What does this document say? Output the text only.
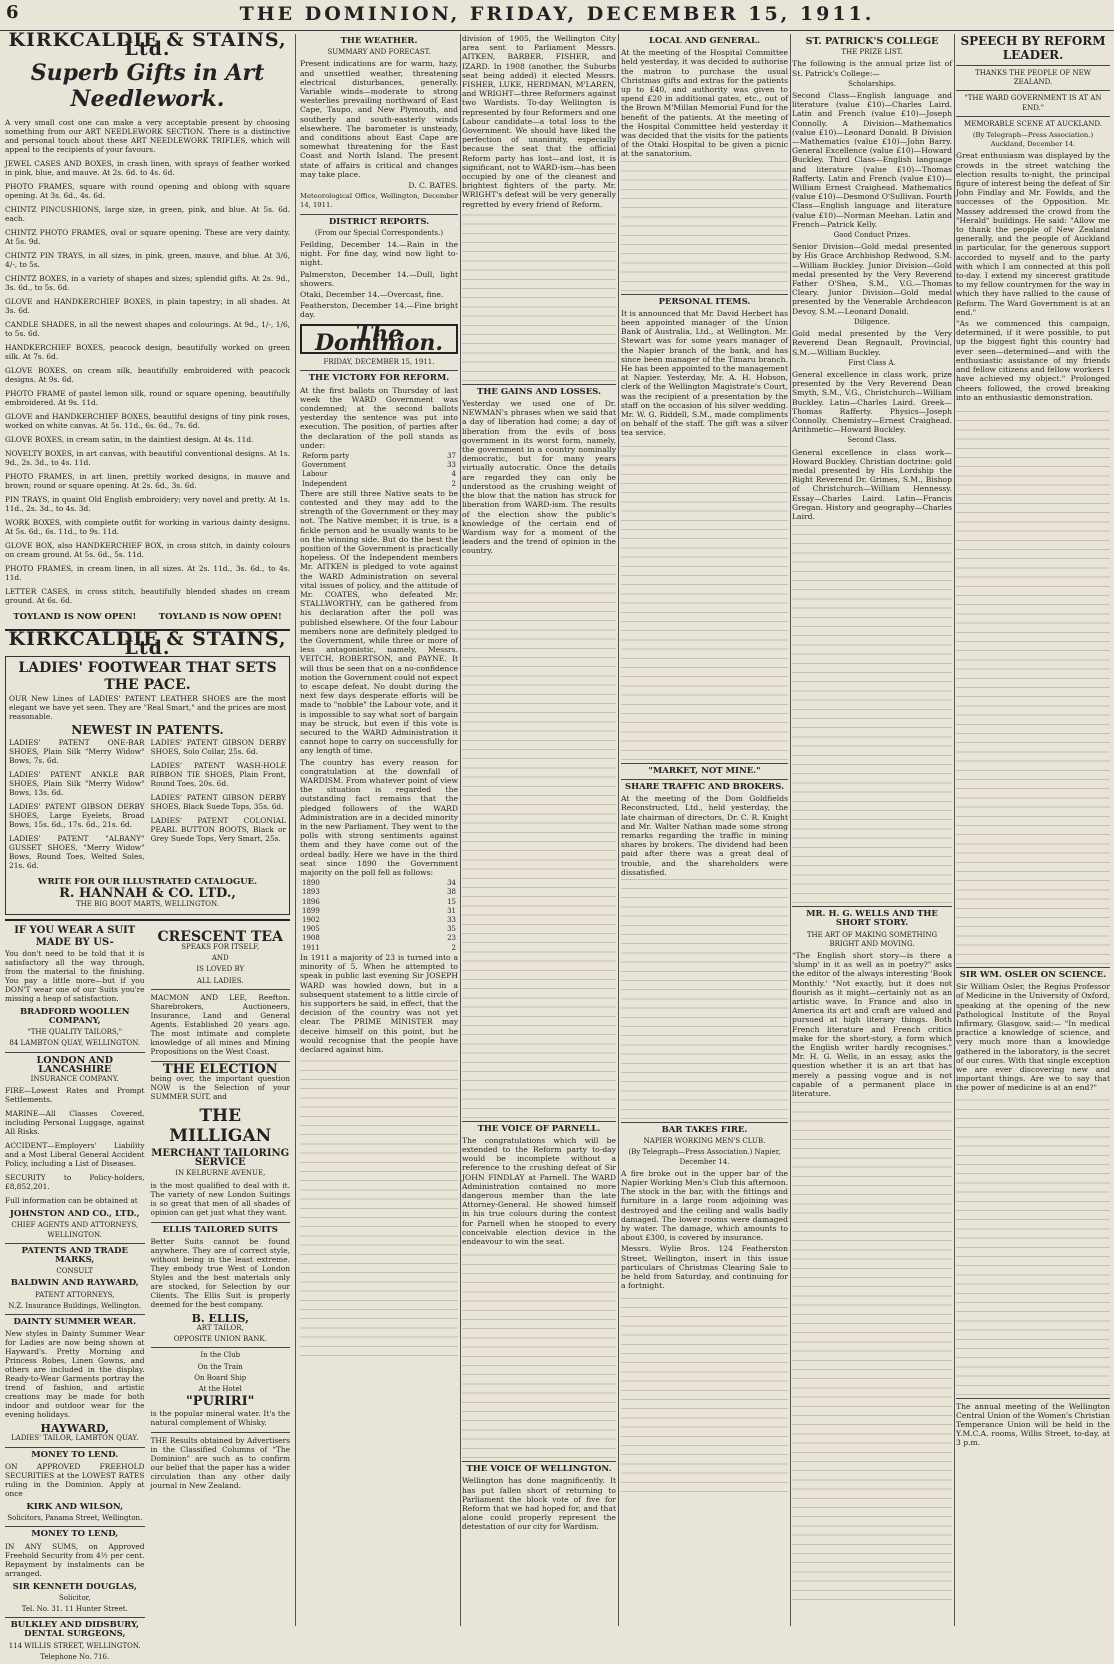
6	THE DOMINION, FRIDAY, DECEMBER 15, 1911.
KIRKCALDIE & STAINS, Ltd.
Superb Gifts in Art Needlework.

A very small cost one can make a very acceptable present by choosing something from our ART NEEDLEWORK SECTION. There is a distinctive and personal touch about these ART NEEDLEWORK TRIFLES, which will appeal to the recipients of your favours.

JEWEL CASES AND BOXES, in crash linen, with sprays of feather worked in pink, blue, and mauve. At 2s. 6d. to 4s. 6d.

PHOTO FRAMES, square with round opening and oblong with square opening. At 3s. 6d., 4s. 6d.

CHINTZ PINCUSHIONS, large size, in green, pink, and blue. At 5s. 6d. each.

CHINTZ PHOTO FRAMES, oval or square opening. These are very dainty. At 5s. 9d.

CHINTZ PIN TRAYS, in all sizes, in pink, green, mauve, and blue. At 3/6, 4/-, to 5s.

CHINTZ BOXES, in a variety of shapes and sizes; splendid gifts. At 2s. 9d., 3s. 6d., to 5s. 6d.

GLOVE and HANDKERCHIEF BOXES, in plain tapestry; in all shades. At 3s. 6d.

CANDLE SHADES, in all the newest shapes and colourings. At 9d., 1/-, 1/6, to 5s. 6d.

HANDKERCHIEF BOXES, peacock design, beautifully worked on green silk. At 7s. 6d.

GLOVE BOXES, on cream silk, beautifully embroidered with peacock designs. At 9s. 6d.

PHOTO FRAME of pastel lemon silk, round or square opening, beautifully embroidered. At 9s. 11d.

GLOVE and HANDKERCHIEF BOXES, beautiful designs of tiny pink roses, worked on white canvas. At 5s. 11d., 6s. 6d., 7s. 6d.

GLOVE BOXES, in cream satin, in the daintiest design. At 4s. 11d.

NOVELTY BOXES, in art canvas, with beautiful conventional designs. At 1s. 9d., 2s. 3d., to 4s. 11d.

PHOTO FRAMES, in art linen, prettily worked designs, in mauve and brown; round or square opening. At 2s. 6d., 3s. 6d.

PIN TRAYS, in quaint Old English embroidery; very novel and pretty. At 1s. 11d., 2s. 3d., to 4s. 3d.

WORK BOXES, with complete outfit for working in various dainty designs. At 5s. 6d., 6s. 11d., to 9s. 11d.

GLOVE BOX, also HANDKERCHIEF BOX, in cross stitch, in dainty colours on cream ground. At 5s. 6d., 5s. 11d.

PHOTO FRAMES, in cream linen, in all sizes. At 2s. 11d., 3s. 6d., to 4s. 11d.

LETTER CASES, in cross stitch, beautifully blended shades on cream ground. At 6s. 6d.

TOYLAND IS NOW OPEN!	TOYLAND IS NOW OPEN!
KIRKCALDIE & STAINS, Ltd.
LADIES' FOOTWEAR THAT SETS THE PACE.

OUR New Lines of LADIES' PATENT LEATHER SHOES are the most elegant we have yet seen. They are "Real Smart," and the prices are most reasonable.

NEWEST IN PATENTS.

LADIES' PATENT ONE-BAR SHOES, Plain Silk "Merry Widow" Bows, 7s. 6d.

LADIES' PATENT ANKLE BAR SHOES, Plain Silk "Merry Widow" Bows, 13s. 6d.

LADIES' PATENT GIBSON DERBY SHOES, Large Eyelets, Broad Bows, 15s. 6d., 17s. 6d., 21s. 6d.

LADIES' PATENT "ALBANY" GUSSET SHOES, "Merry Widow" Bows, Round Toes, Welted Soles, 21s. 6d.

LADIES' PATENT GIBSON DERBY SHOES, Solo Collar, 25s. 6d.

LADIES' PATENT WASH-HOLE RIBBON TIE SHOES, Plain Front, Round Toes, 20s. 6d.

LADIES' PATENT GIBSON DERBY SHOES, Black Suede Tops, 35s. 6d.

LADIES' PATENT COLONIAL PEARL BUTTON BOOTS, Black or Grey Suede Tops, Very Smart, 25s.

WRITE FOR OUR ILLUSTRATED CATALOGUE.
R. HANNAH & CO. LTD.,
THE BIG BOOT MARTS, WELLINGTON.
IF YOU WEAR A SUIT MADE BY US-

You don't need to be told that it is satisfactory all the way through, from the material to the finishing. You pay a little more—but if you DON'T wear one of our Suits you're missing a heap of satisfaction.

BRADFORD WOOLLEN COMPANY,
"THE QUALITY TAILORS,"
84 LAMBTON QUAY, WELLINGTON.
LONDON AND LANCASHIRE
INSURANCE COMPANY.

FIRE—Lowest Rates and Prompt Settlements.

MARINE—All Classes Covered, including Personal Luggage, against All Risks.

ACCIDENT—Employers' Liability and a Most Liberal General Accident Policy, including a List of Diseases.

SECURITY to Policy-holders, £8,852,201.

Full information can be obtained at

JOHNSTON AND CO., LTD.,
CHIEF AGENTS AND ATTORNEYS, WELLINGTON.
PATENTS AND TRADE MARKS,
CONSULT
BALDWIN AND RAYWARD,
PATENT ATTORNEYS,
N.Z. Insurance Buildings, Wellington.
DAINTY SUMMER WEAR.

New styles in Dainty Summer Wear for Ladies are now being shown at Hayward's. Pretty Morning and Princess Robes, Linen Gowns, and others are included in the display. Ready-to-Wear Garments portray the trend of fashion, and artistic creations may be made for both indoor and outdoor wear for the evening holidays.

HAYWARD,
LADIES' TAILOR, LAMBTON QUAY.
MONEY TO LEND.

ON APPROVED FREEHOLD SECURITIES at the LOWEST RATES ruling in the Dominion. Apply at once

KIRK AND WILSON,
Solicitors, Panama Street, Wellington.
MONEY TO LEND,

IN ANY SUMS, on Approved Freehold Security from 4½ per cent. Repayment by instalments can be arranged.

SIR KENNETH DOUGLAS,
Solicitor,
Tel. No. 31. 11 Hunter Street.
BULKLEY AND DIDSBURY, DENTAL SURGEONS,
114 WILLIS STREET, WELLINGTON.
Telephone No. 716.
CRESCENT TEA

SPEAKS FOR ITSELF,

AND

IS LOVED BY

ALL LADIES.

MACMON AND LEE, Reefton. Sharebrokers, Auctioneers, Insurance, Land and General Agents. Established 20 years ago. The most intimate and complete knowledge of all mines and Mining Propositions on the West Coast.

THE ELECTION

being over, the important question NOW is the Selection of your SUMMER SUIT, and

THE MILLIGAN
MERCHANT TAILORING SERVICE
IN KELBURNE AVENUE,

is the most qualified to deal with it. The variety of new London Suitings is so great that men of all shades of opinion can get just what they want.

ELLIS TAILORED SUITS

Better Suits cannot be found anywhere. They are of correct style, without being in the least extreme. They embody true West of London Styles and the best materials only are stocked, for Selection by our Clients. The Ellis Suit is properly deemed for the best company.

B. ELLIS,
ART TAILOR,
OPPOSITE UNION BANK.

In the Club

On the Train

On Board Ship

At the Hotel

"PURIRI"

is the popular mineral water. It's the natural complement of Whisky.

THE Results obtained by Advertisers in the Classified Columns of "The Dominion" are such as to confirm our belief that the paper has a wider circulation than any other daily journal in New Zealand.

THE WEATHER.
SUMMARY AND FORECAST.

Present indications are for warm, hazy, and unsettled weather, threatening electrical disturbances, generally. Variable winds—moderate to strong westerlies prevailing northward of East Cape, Taupo, and New Plymouth, and southerly and south-easterly winds elsewhere. The barometer is unsteady, and conditions about East Cape are somewhat threatening for the East Coast and North Island. The present state of affairs is critical and changes may take place.

D. C. BATES.

Meteorological Office, Wellington, December 14, 1911.

DISTRICT REPORTS.
(From our Special Correspondents.)

Feilding, December 14.—Rain in the night. For fine day, wind now light to-night.

Palmerston, December 14.—Dull, light showers.

Otaki, December 14.—Overcast, fine.

Featherston, December 14.—Fine bright day.

The Dominion.
FRIDAY, DECEMBER 15, 1911.
THE VICTORY FOR REFORM.

At the first ballots on Thursday of last week the WARD Government was condemned; at the second ballots yesterday the sentence was put into execution. The position, of parties after the declaration of the poll stands as under:

Reform party	37
Government	33
Labour	4
Independent	2

There are still three Native seats to be contested and they may add to the strength of the Government or they may not. The Native member, it is true, is a fickle person and he usually wants to be on the winning side. But do the best the position of the Government is practically hopeless. Of the Independent members Mr. AITKEN is pledged to vote against the WARD Administration on several vital issues of policy, and the attitude of Mr. COATES, who defeated Mr. STALLWORTHY, can be gathered from his declaration after the poll was published elsewhere. Of the four Labour members none are definitely pledged to the Government, while three or more of less antagonistic, namely, Messrs. VEITCH, ROBERTSON, and PAYNE. It will thus be seen that on a no-confidence motion the Government could not expect to escape defeat. No doubt during the next few days desperate efforts will be made to "nobble" the Labour vote, and it is impossible to say what sort of bargain may be struck, but even if this vote is secured to the WARD Administration it cannot hope to carry on successfully for any length of time.

The country has every reason for congratulation at the downfall of WARDISM. From whatever point of view the situation is regarded the outstanding fact remains that the pledged followers of the WARD Administration are in a decided minority in the new Parliament. They went to the polls with strong sentiments against them and they have come out of the ordeal badly. Here we have in the third seat since 1890 the Government majority on the poll fell as follows:

1890	34
1893	38
1896	15
1899	31
1902	33
1905	35
1908	23
1911	2

In 1911 a majority of 23 is turned into a minority of 5. When he attempted to speak in public last evening Sir JOSEPH WARD was howled down, but in a subsequent statement to a little circle of his supporters he said, in effect, that the decision of the country was not yet clear. The PRIME MINISTER may deceive himself on this point, but he would recognise that the people have declared against him.

division of 1905, the Wellington City area sent to Parliament Messrs. AITKEN, BARBER, FISHER, and IZARD. In 1908 (another, the Suburbs seat being added) it elected Messrs. FISHER, LUKE, HERDMAN, M'LAREN, and WRIGHT—three Reformers against two Wardists. To-day Wellington is represented by four Reformers and one Labour candidate—a total loss to the Government. We should have liked the perfection of unanimity, especially because the seat that the official Reform party has lost—and lost, it is significant, not to WARD-ism—has been occupied by one of the cleanest and brightest fighters of the party. Mr. WRIGHT's defeat will be very generally regretted by every friend of Reform.

THE GAINS AND LOSSES.

Yesterday we used one of Dr. NEWMAN's phrases when we said that a day of liberation had come; a day of liberation from the evils of boss government in its worst form, namely, the government in a country nominally democratic, but for many years virtually autocratic. Once the details are regarded they can only be understood as the crushing weight of the blow that the nation has struck for liberation from WARD-ism. The results of the election show the public's knowledge of the certain end of Wardism way for a moment of the leaders and the trend of opinion in the country.

THE VOICE OF PARNELL.

The congratulations which will be extended to the Reform party to-day would be incomplete without a reference to the crushing defeat of Sir JOHN FINDLAY at Parnell. The WARD Administration contained no more dangerous member than the late Attorney-General. He showed himself in his true colours during the contest for Parnell when he stooped to every conceivable election device in the endeavour to win the seat.

THE VOICE OF WELLINGTON.

Wellington has done magnificently. It has put fallen short of returning to Parliament the block vote of five for Reform that we had hoped for, and that alone could properly represent the detestation of our city for Wardism.

LOCAL AND GENERAL.

At the meeting of the Hospital Committee held yesterday, it was decided to authorise the matron to purchase the usual Christmas gifts and extras for the patients up to £40, and authority was given to spend £20 in additional gates, etc., out of the Brown M'Millan Memorial Fund for the benefit of the patients. At the meeting of the Hospital Committee held yesterday it was decided that the visits for the patients of the Otaki Hospital to be given a picnic at the sanatorium.

PERSONAL ITEMS.

It is announced that Mr. David Herbert has been appointed manager of the Union Bank of Australia, Ltd., at Wellington. Mr. Stewart was for some years manager of the Napier branch of the bank, and has since been manager of the Timaru branch. He has been appointed to the management at Napier. Yesterday, Mr. A. H. Hobson, clerk of the Wellington Magistrate's Court, was the recipient of a presentation by the staff on the occasion of his silver wedding. Mr. W. G. Riddell, S.M., made compliments on behalf of the staff. The gift was a silver tea service.

"MARKET, NOT MINE."
SHARE TRAFFIC AND BROKERS.

At the meeting of the Dom Goldfields Reconstructed, Ltd., held yesterday, the late chairman of directors, Dr. C. R. Knight and Mr. Walter Nathan made some strong remarks regarding the traffic in mining shares by brokers. The dividend had been paid after there was a great deal of trouble, and the shareholders were dissatisfied.

BAR TAKES FIRE.
NAPIER WORKING MEN'S CLUB.
(By Telegraph—Press Association.) Napier, December 14.

A fire broke out in the upper bar of the Napier Working Men's Club this afternoon. The stock in the bar, with the fittings and furniture in a large room adjoining was destroyed and the ceiling and walls badly damaged. The lower rooms were damaged by water. The damage, which amounts to about £300, is covered by insurance.

Messrs. Wylie Bros. 124 Featherston Street, Wellington, insert in this issue particulars of Christmas Clearing Sale to be held from Saturday, and continuing for a fortnight.

ST. PATRICK'S COLLEGE
THE PRIZE LIST.

The following is the annual prize list of St. Patrick's College:—

Scholarships.

Second Class—English language and literature (value £10)—Charles Laird. Latin and French (value £10)—Joseph Connolly. A Division—Mathematics (value £10)—Leonard Donald. B Division—Mathematics (value £10)—John Barry. General Excellence (value £10)—Howard Buckley. Third Class—English language and literature (value £10)—Thomas Rafferty. Latin and French (value £10)—William Ernest Craighead. Mathematics (value £10)—Desmond O'Sullivan. Fourth Class—English language and literature (value £10)—Norman Meehan. Latin and French—Patrick Kelly.

Good Conduct Prizes.

Senior Division—Gold medal presented by His Grace Archbishop Redwood, S.M.—William Buckley. Junior Division—Gold medal presented by the Very Reverend Father O'Shea, S.M., V.G.—Thomas Cleary. Junior Division—Gold medal presented by the Venerable Archdeacon Devoy, S.M.—Leonard Donald.

Diligence.

Gold medal presented by the Very Reverend Dean Regnault, Provincial, S.M.—William Buckley.

First Class A.

General excellence in class work, prize presented by the Very Reverend Dean Smyth, S.M., V.G., Christchurch—William Buckley. Latin—Charles Laird. Greek—Thomas Rafferty. Physics—Joseph Connolly. Chemistry—Ernest Craighead. Arithmetic—Howard Buckley.

Second Class.

General excellence in class work—Howard Buckley. Christian doctrine: gold medal presented by His Lordship the Right Reverend Dr. Grimes, S.M., Bishop of Christchurch—William Hennessy. Essay—Charles Laird. Latin—Francis Gregan. History and geography—Charles Laird.

MR. H. G. WELLS AND THE SHORT STORY.
THE ART OF MAKING SOMETHING BRIGHT AND MOVING.

"The English short story—is there a 'slump' in it as well as in poetry?" asks the editor of the always interesting 'Book Monthly.' "Not exactly, but it does not flourish as it might—certainly not as an artistic wave. In France and also in America its art and craft are valued and pursued at high literary things. Both French literature and French critics make for the short-story, a form which the English writer hardly recognises." Mr. H. G. Wells, in an essay, asks the question whether it is an art that has merely a passing vogue and is not capable of a permanent place in literature.

SPEECH BY REFORM LEADER.
THANKS THE PEOPLE OF NEW ZEALAND.
"THE WARD GOVERNMENT IS AT AN END."
MEMORABLE SCENE AT AUCKLAND.
(By Telegraph—Press Association.) Auckland, December 14.

Great enthusiasm was displayed by the crowds in the street watching the election results to-night, the principal figure of interest being the defeat of Sir John Findlay and Mr. Fowlds, and the successes of the Opposition. Mr. Massey addressed the crowd from the "Herald" buildings. He said: "Allow me to thank the people of New Zealand generally, and the people of Auckland in particular, for the generous support accorded to myself and to the party with which I am connected at this poll to-day. I extend my sincerest gratitude to my fellow countrymen for the way in which they have rallied to the cause of Reform. The Ward Government is at an end."

"As we commenced this campaign, determined, if it were possible, to put up the biggest fight this country had ever seen—determined—and with the enthusiastic assistance of my friends and fellow citizens and fellow workers I have achieved my object." Prolonged cheers followed, the crowd breaking into an enthusiastic demonstration.

SIR WM. OSLER ON SCIENCE.

Sir William Osler, the Regius Professor of Medicine in the University of Oxford, speaking at the opening of the new Pathological Institute of the Royal Infirmary, Glasgow, said:— "In medical practice a knowledge of science, and very much more than a knowledge gathered in the laboratory, is the secret of our cures. With that single exception we are ever discovering new and important things. Are we to say that the power of medicine is at an end?"

The annual meeting of the Wellington Central Union of the Women's Christian Temperance Union will be held in the Y.M.C.A. rooms, Willis Street, to-day, at 3 p.m.
